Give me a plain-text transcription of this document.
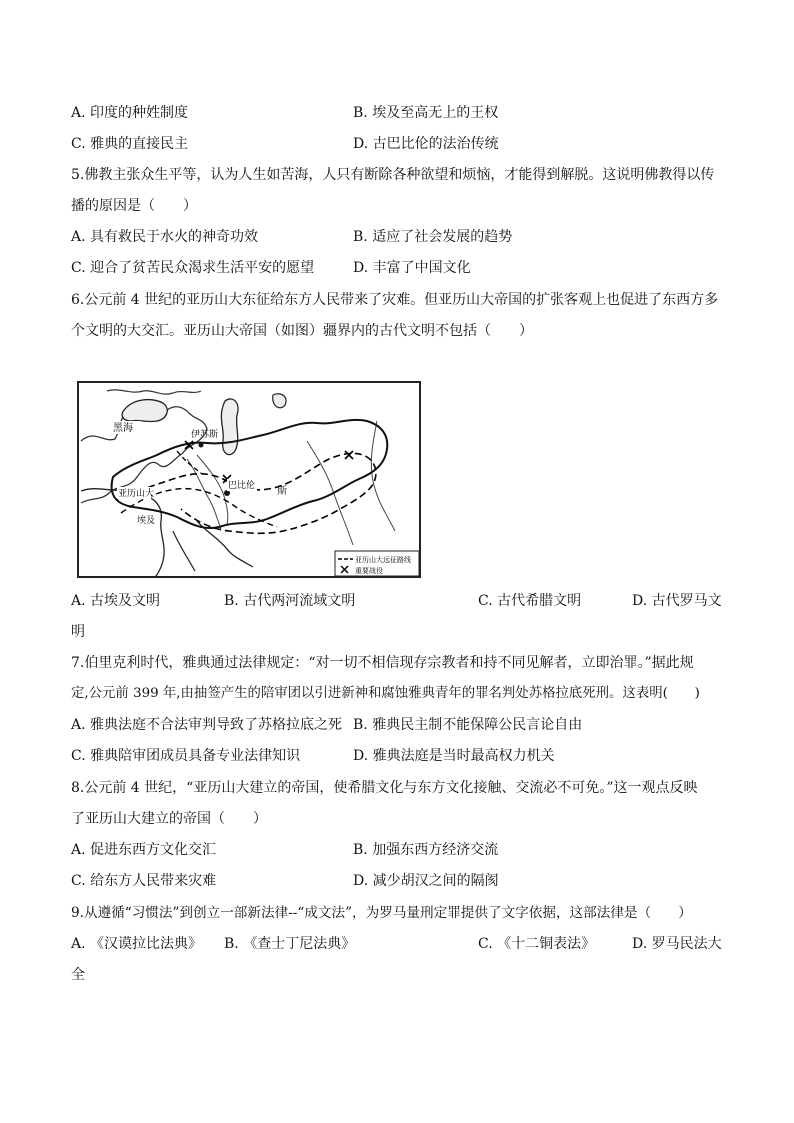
A. 印度的种姓制度	B. 埃及至高无上的王权
C. 雅典的直接民主	D. 古巴比伦的法治传统
5.佛教主张众生平等，认为人生如苦海，人只有断除各种欲望和烦恼，才能得到解脱。这说明佛教得以传
播的原因是（　　）
A. 具有救民于水火的神奇功效	B. 适应了社会发展的趋势
C. 迎合了贫苦民众渴求生活平安的愿望	D. 丰富了中国文化
6.公元前 4 世纪的亚历山大东征给东方人民带来了灾难。但亚历山大帝国的扩张客观上也促进了东西方多
个文明的大交汇。亚历山大帝国（如图）疆界内的古代文明不包括（　　）
黑海
伊苏斯
亚历山大
巴比伦 斯
埃及
亚历山大远征路线
重要战役
A. 古埃及文明	B. 古代两河流域文明	C. 古代希腊文明	D. 古代罗马文
明
7.伯里克利时代，雅典通过法律规定：“对一切不相信现存宗教者和持不同见解者，立即治罪。”据此规
定,公元前 399 年,由抽签产生的陪审团以引进新神和腐蚀雅典青年的罪名判处苏格拉底死刑。这表明(　　)
A. 雅典法庭不合法审判导致了苏格拉底之死 B. 雅典民主制不能保障公民言论自由
C. 雅典陪审团成员具备专业法律知识	D. 雅典法庭是当时最高权力机关
8.公元前 4 世纪，“亚历山大建立的帝国，使希腊文化与东方文化接触、交流必不可免。”这一观点反映
了亚历山大建立的帝国（　　）
A. 促进东西方文化交汇	B. 加强东西方经济交流
C. 给东方人民带来灾难	D. 减少胡汉之间的隔阂
9.从遵循“习惯法”到创立一部新法律--“成文法”，为罗马量刑定罪提供了文字依据，这部法律是（　　）
A. 《汉谟拉比法典》 B. 《查士丁尼法典》	C. 《十二铜表法》	D. 罗马民法大
全
